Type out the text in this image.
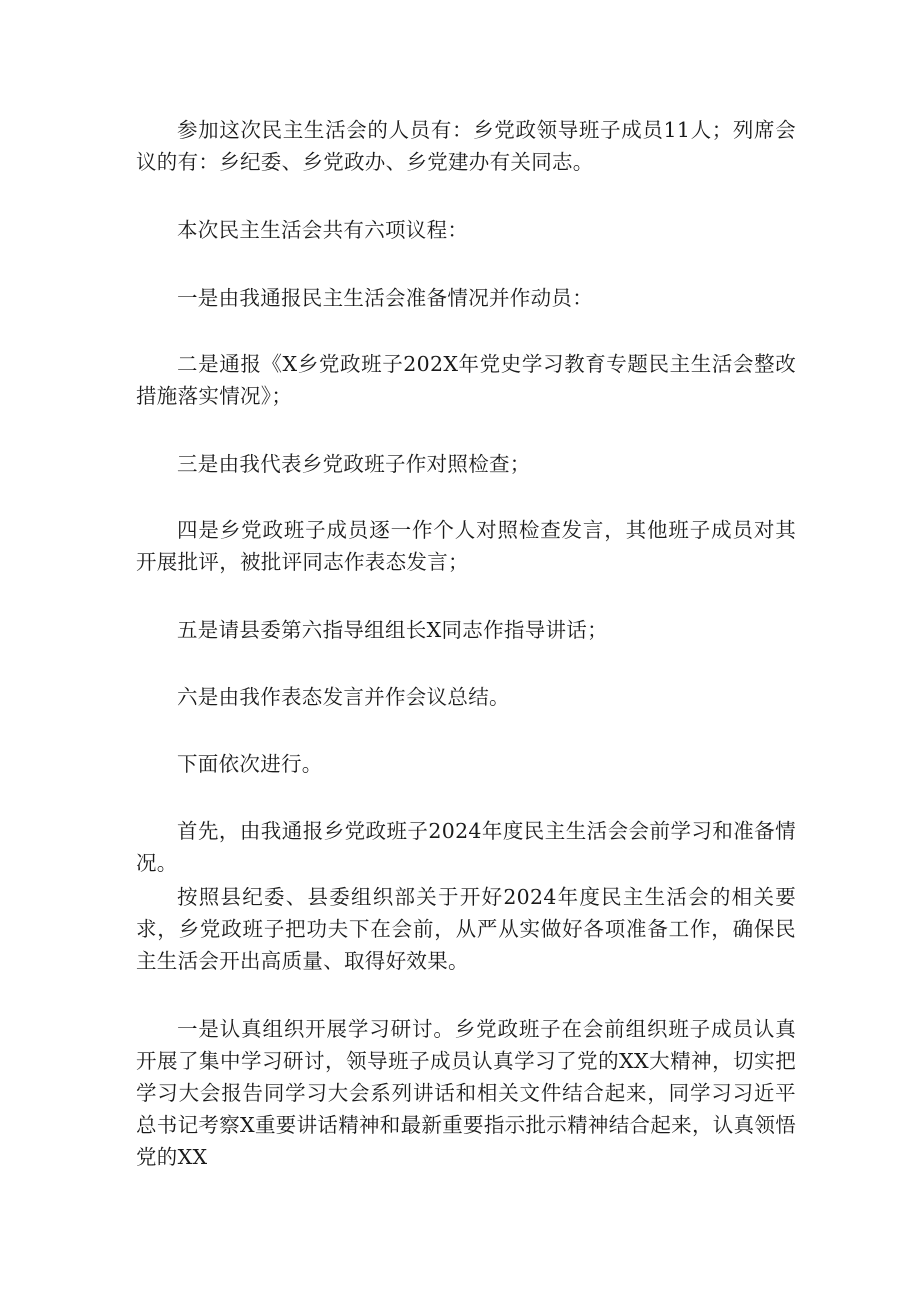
参加这次民主生活会的人员有：乡党政领导班子成员11人；列席会议的有：乡纪委、乡党政办、乡党建办有关同志。

本次民主生活会共有六项议程：

一是由我通报民主生活会准备情况并作动员：

二是通报《X乡党政班子202X年党史学习教育专题民主生活会整改措施落实情况》；

三是由我代表乡党政班子作对照检查；

四是乡党政班子成员逐一作个人对照检查发言，其他班子成员对其开展批评，被批评同志作表态发言；

五是请县委第六指导组组长X同志作指导讲话；

六是由我作表态发言并作会议总结。

下面依次进行。

首先，由我通报乡党政班子2024年度民主生活会会前学习和准备情况。

按照县纪委、县委组织部关于开好2024年度民主生活会的相关要求，乡党政班子把功夫下在会前，从严从实做好各项准备工作，确保民主生活会开出高质量、取得好效果。

一是认真组织开展学习研讨。乡党政班子在会前组织班子成员认真开展了集中学习研讨，领导班子成员认真学习了党的XX大精神，切实把学习大会报告同学习大会系列讲话和相关文件结合起来，同学习习近平总书记考察X重要讲话精神和最新重要指示批示精神结合起来，认真领悟党的XX
